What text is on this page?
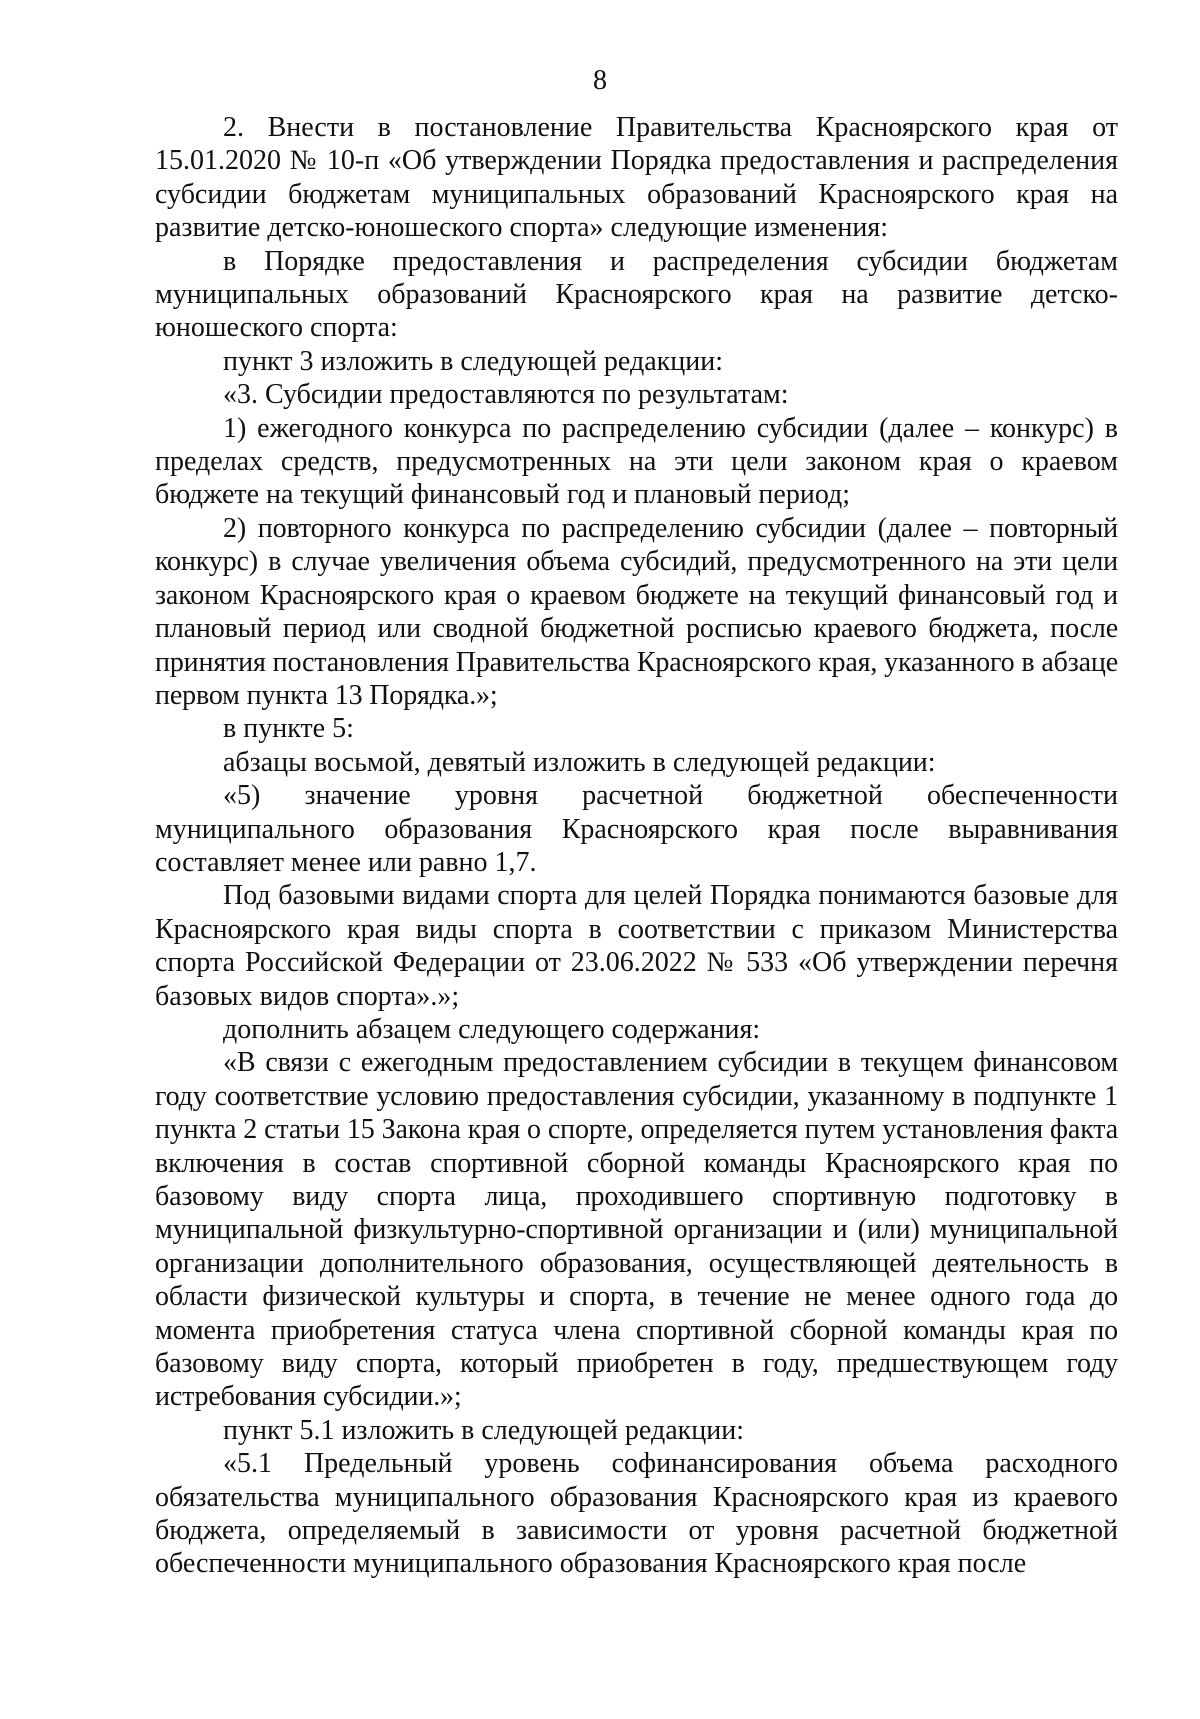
8

2. Внести в постановление Правительства Красноярского края от 15.01.2020 № 10-п «Об утверждении Порядка предоставления и распределения субсидии бюджетам муниципальных образований Красноярского края на развитие детско-юношеского спорта» следующие изменения:

в Порядке предоставления и распределения субсидии бюджетам муниципальных образований Красноярского края на развитие детско-юношеского спорта:

пункт 3 изложить в следующей редакции:

«3. Субсидии предоставляются по результатам:

1) ежегодного конкурса по распределению субсидии (далее – конкурс) в пределах средств, предусмотренных на эти цели законом края о краевом бюджете на текущий финансовый год и плановый период;

2) повторного конкурса по распределению субсидии (далее – повторный конкурс) в случае увеличения объема субсидий, предусмотренного на эти цели законом Красноярского края о краевом бюджете на текущий финансовый год и плановый период или сводной бюджетной росписью краевого бюджета, после принятия постановления Правительства Красноярского края, указанного в абзаце первом пункта 13 Порядка.»;

в пункте 5:

абзацы восьмой, девятый изложить в следующей редакции:

«5) значение уровня расчетной бюджетной обеспеченности муниципального образования Красноярского края после выравнивания составляет менее или равно 1,7.

Под базовыми видами спорта для целей Порядка понимаются базовые для Красноярского края виды спорта в соответствии с приказом Министерства спорта Российской Федерации от 23.06.2022 № 533 «Об утверждении перечня базовых видов спорта».»;

дополнить абзацем следующего содержания:

«В связи с ежегодным предоставлением субсидии в текущем финансовом году соответствие условию предоставления субсидии, указанному в подпункте 1 пункта 2 статьи 15 Закона края о спорте, определяется путем установления факта включения в состав спортивной сборной команды Красноярского края по базовому виду спорта лица, проходившего спортивную подготовку в муниципальной физкультурно-спортивной организации и (или) муниципальной организации дополнительного образования, осуществляющей деятельность в области физической культуры и спорта, в течение не менее одного года до момента приобретения статуса члена спортивной сборной команды края по базовому виду спорта, который приобретен в году, предшествующем году истребования субсидии.»;

пункт 5.1 изложить в следующей редакции:

«5.1 Предельный уровень софинансирования объема расходного обязательства муниципального образования Красноярского края из краевого бюджета, определяемый в зависимости от уровня расчетной бюджетной обеспеченности муниципального образования Красноярского края после
